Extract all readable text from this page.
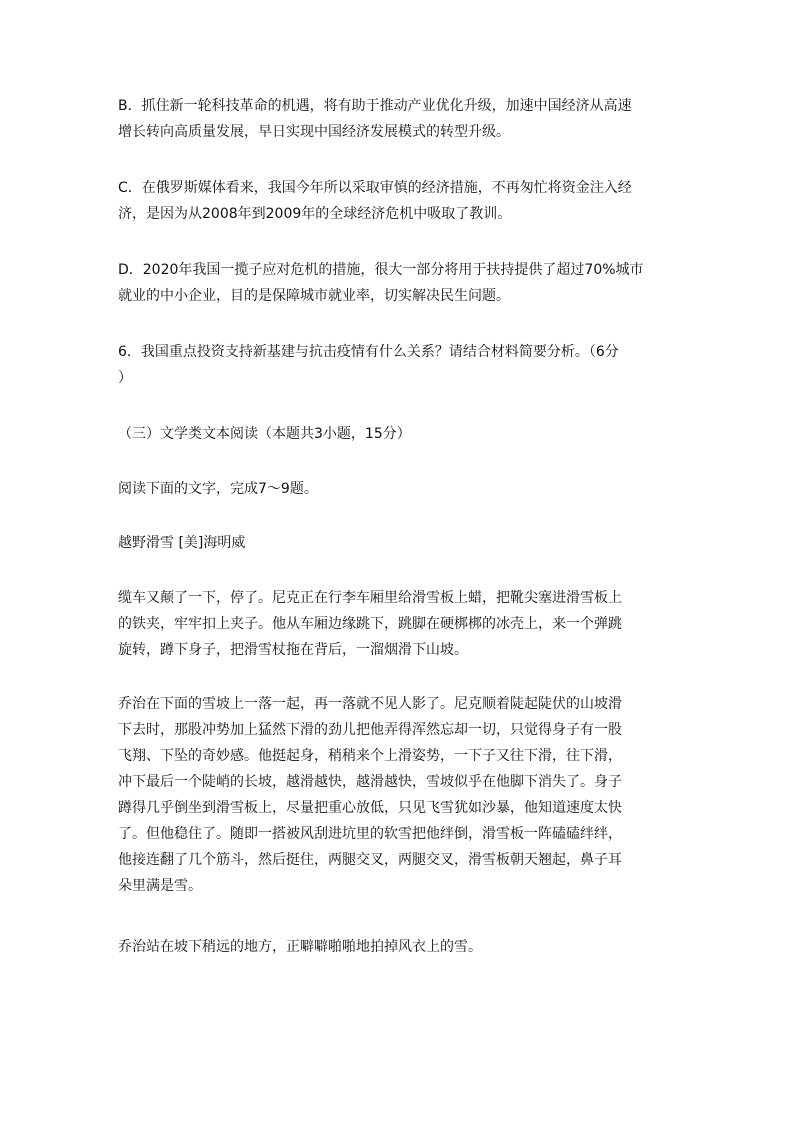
B．抓住新一轮科技革命的机遇，将有助于推动产业优化升级，加速中国经济从高速
增长转向高质量发展，早日实现中国经济发展模式的转型升级。
C．在俄罗斯媒体看来，我国今年所以采取审慎的经济措施，不再匆忙将资金注入经
济，是因为从2008年到2009年的全球经济危机中吸取了教训。
D．2020年我国一揽子应对危机的措施，很大一部分将用于扶持提供了超过70%城市
就业的中小企业，目的是保障城市就业率，切实解决民生问题。
6．我国重点投资支持新基建与抗击疫情有什么关系？请结合材料简要分析。（6分
）
（三）文学类文本阅读（本题共3小题，15分）
阅读下面的文字，完成7～9题。
越野滑雪 [美]海明威
缆车又颠了一下，停了。尼克正在行李车厢里给滑雪板上蜡，把靴尖塞进滑雪板上
的铁夹，牢牢扣上夹子。他从车厢边缘跳下，跳脚在硬梆梆的冰壳上，来一个弹跳
旋转，蹲下身子，把滑雪杖拖在背后，一溜烟滑下山坡。
乔治在下面的雪坡上一落一起，再一落就不见人影了。尼克顺着陡起陡伏的山坡滑
下去时，那股冲势加上猛然下滑的劲儿把他弄得浑然忘却一切，只觉得身子有一股
飞翔、下坠的奇妙感。他挺起身，稍稍来个上滑姿势，一下子又往下滑，往下滑，
冲下最后一个陡峭的长坡，越滑越快，越滑越快，雪坡似乎在他脚下消失了。身子
蹲得几乎倒坐到滑雪板上，尽量把重心放低，只见飞雪犹如沙暴，他知道速度太快
了。但他稳住了。随即一搭被风刮进坑里的软雪把他绊倒，滑雪板一阵磕磕绊绊，
他接连翻了几个筋斗，然后挺住，两腿交叉，两腿交叉，滑雪板朝天翘起，鼻子耳
朵里满是雪。
乔治站在坡下稍远的地方，正噼噼啪啪地拍掉风衣上的雪。
